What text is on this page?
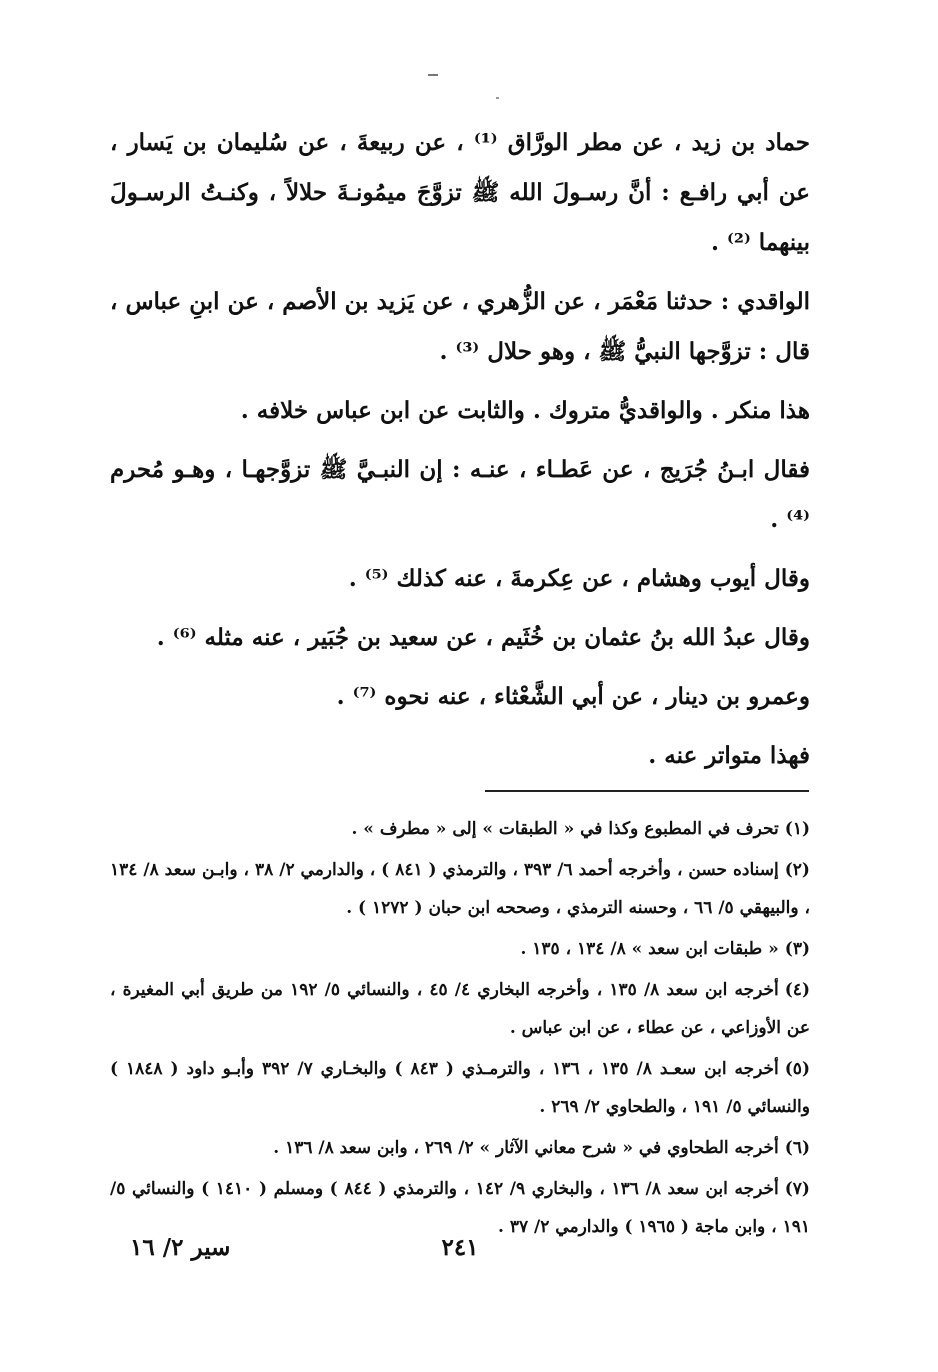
حماد بن زيد ، عن مطر الورَّاق ⁽¹⁾ ، عن ربيعةَ ، عن سُليمان بن يَسار ، عن أبي رافـع : أنَّ رسـولَ الله ﷺ تزوَّجَ ميمُونـةَ حلالاً ، وكنـتُ الرسـولَ بينهما ⁽²⁾ .

الواقدي : حدثنا مَعْمَر ، عن الزُّهري ، عن يَزيد بن الأصم ، عن ابنِ عباس ، قال : تزوَّجها النبيُّ ﷺ ، وهو حلال ⁽³⁾ .

هذا منكر . والواقديُّ متروك . والثابت عن ابن عباس خلافه .

فقال ابـنُ جُرَيج ، عن عَطـاء ، عنـه : إن النبـيَّ ﷺ تزوَّجهـا ، وهـو مُحرم ⁽⁴⁾ .

وقال أيوب وهشام ، عن عِكرمةَ ، عنه كذلك ⁽⁵⁾ .

وقال عبدُ الله بنُ عثمان بن خُثَيم ، عن سعيد بن جُبَير ، عنه مثله ⁽⁶⁾ .

وعمرو بن دينار ، عن أبي الشَّعْثاء ، عنه نحوه ⁽⁷⁾ .

فهذا متواتر عنه .

(١)تحرف في المطبوع وكذا في « الطبقات » إلى « مطرف » .

(٢)إسناده حسن ، وأخرجه أحمد ٦/ ٣٩٣ ، والترمذي ( ٨٤١ ) ، والدارمي ٢/ ٣٨ ، وابـن سعد ٨/ ١٣٤ ، والبيهقي ٥/ ٦٦ ، وحسنه الترمذي ، وصححه ابن حبان ( ١٢٧٢ ) .

(٣)« طبقات ابن سعد » ٨/ ١٣٤ ، ١٣٥ .

(٤)أخرجه ابن سعد ٨/ ١٣٥ ، وأخرجه البخاري ٤/ ٤٥ ، والنسائي ٥/ ١٩٢ من طريق أبي المغيرة ، عن الأوزاعي ، عن عطاء ، عن ابن عباس .

(٥)أخرجه ابن سعـد ٨/ ١٣٥ ، ١٣٦ ، والترمـذي ( ٨٤٣ ) والبخـاري ٧/ ٣٩٢ وأبـو داود ( ١٨٤٨ ) والنسائي ٥/ ١٩١ ، والطحاوي ٢/ ٢٦٩ .

(٦)أخرجه الطحاوي في « شرح معاني الآثار » ٢/ ٢٦٩ ، وابن سعد ٨/ ١٣٦ .

(٧)أخرجه ابن سعد ٨/ ١٣٦ ، والبخاري ٩/ ١٤٢ ، والترمذي ( ٨٤٤ ) ومسلم ( ١٤١٠ ) والنسائي ٥/ ١٩١ ، وابن ماجة ( ١٩٦٥ ) والدارمي ٢/ ٣٧ .

٢٤١
سير ٢/ ١٦
